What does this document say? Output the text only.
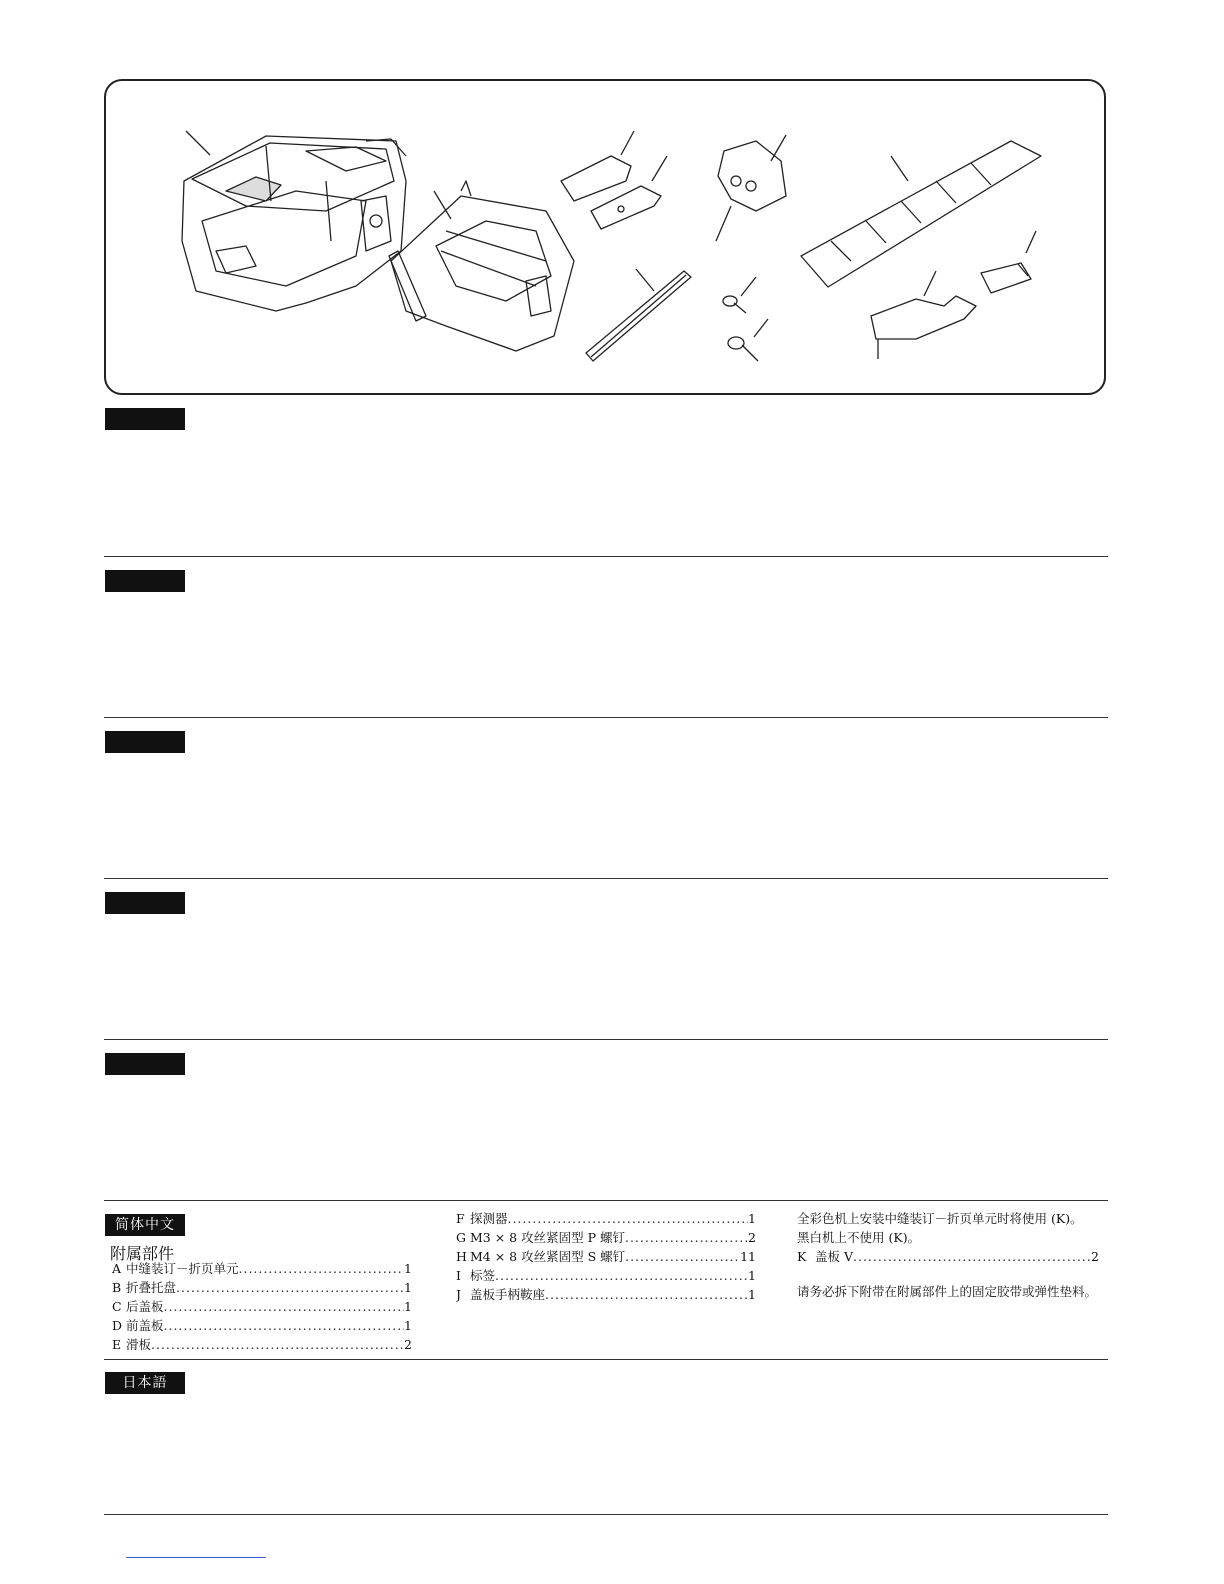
简体中文
附属部件
A 中缝装订－折页单元 .....	1
B 折叠托盘 .....	1
C 后盖板 .....	1
D 前盖板 .....	1
E 滑板 .....	2
F 探测器 .....	1
G M3 × 8 攻丝紧固型 P 螺钉 .....	2
H M4 × 8 攻丝紧固型 S 螺钉 .....	11
I 标签 .....	1
J 盖板手柄鞍座 .....	1

全彩色机上安装中缝装订－折页单元时将使用 (K)。

黑白机上不使用 (K)。

K 盖板 V .....	2

请务必拆下附带在附属部件上的固定胶带或弹性垫料。

日本語
